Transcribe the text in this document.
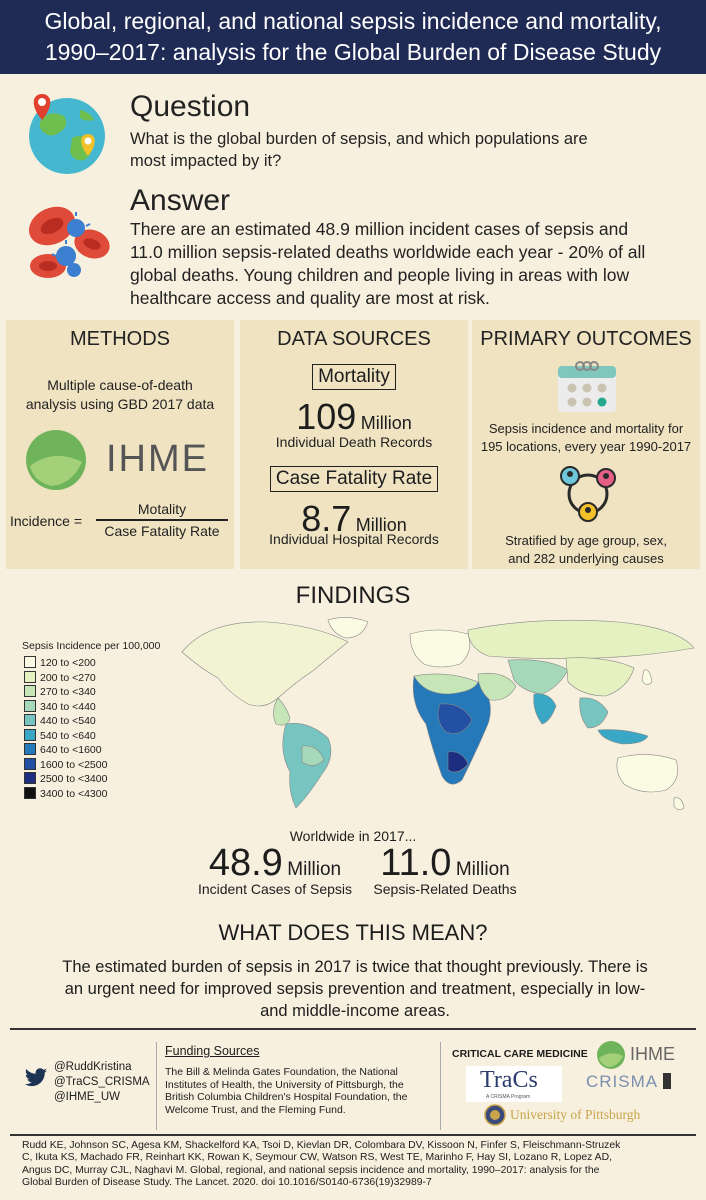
Global, regional, and national sepsis incidence and mortality,
1990–2017: analysis for the Global Burden of Disease Study
Question
What is the global burden of sepsis, and which populations are
most impacted by it?
Answer
There are an estimated 48.9 million incident cases of sepsis and
11.0 million sepsis-related deaths worldwide each year - 20% of all
global deaths. Young children and people living in areas with low
healthcare access and quality are most at risk.
METHODS
Multiple cause-of-death
analysis using GBD 2017 data
IHME
Incidence =
Motality
Case Fatality Rate
DATA SOURCES
Mortality
109 Million
Individual Death Records
Case Fatality Rate
8.7 Million
Individual Hospital Records
PRIMARY OUTCOMES
Sepsis incidence and mortality for
195 locations, every year 1990-2017
Stratified by age group, sex,
and 282 underlying causes
FINDINGS
Sepsis Incidence per 100,000
120 to <200
200 to <270
270 to <340
340 to <440
440 to <540
540 to <640
640 to <1600
1600 to <2500
2500 to <3400
3400 to <4300
Worldwide in 2017...
48.9 Million
Incident Cases of Sepsis
11.0 Million
Sepsis-Related Deaths
WHAT DOES THIS MEAN?
The estimated burden of sepsis in 2017 is twice that thought previously. There is
an urgent need for improved sepsis prevention and treatment, especially in low-
and middle-income areas.
@RuddKristina
@TraCS_CRISMA
@IHME_UW
Funding Sources
The Bill & Melinda Gates Foundation, the National
Institutes of Health, the University of Pittsburgh, the
British Columbia Children's Hospital Foundation, the
Welcome Trust, and the Fleming Fund.
CRITICAL CARE MEDICINE IHME
TraCs
A CRISMA Program
CRISMA
University of Pittsburgh
Rudd KE, Johnson SC, Agesa KM, Shackelford KA, Tsoi D, Kievlan DR, Colombara DV, Kissoon N, Finfer S, Fleischmann-Struzek
C, Ikuta KS, Machado FR, Reinhart KK, Rowan K, Seymour CW, Watson RS, West TE, Marinho F, Hay SI, Lozano R, Lopez AD,
Angus DC, Murray CJL, Naghavi M. Global, regional, and national sepsis incidence and mortality, 1990–2017: analysis for the
Global Burden of Disease Study. The Lancet. 2020. doi 10.1016/S0140-6736(19)32989-7
